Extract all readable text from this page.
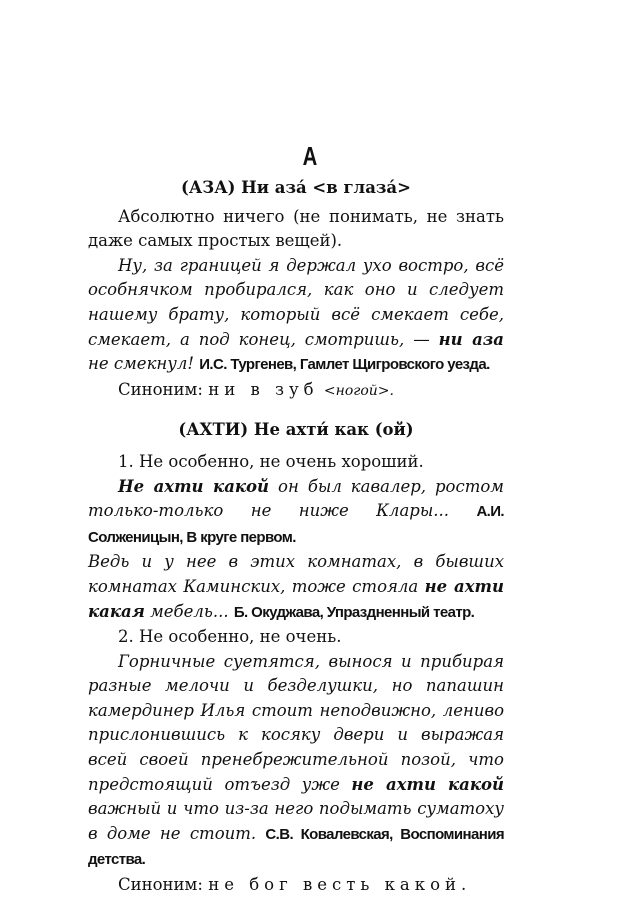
А
(АЗА) Ни аза́ <в глаза́>

Абсолютно ничего (не понимать, не знать даже самых простых вещей).

Ну, за границей я держал ухо востро, всё особнячком пробирался, как оно и следует нашему брату, который всё смекает себе, смекает, а под конец, смотришь, — ни аза не смекнул! И.С. Тургенев, Гамлет Щигровского уезда.

Синоним: ни в зуб <ногой>.

(АХТИ) Не ахти́ как (ой)

1. Не особенно, не очень хороший.

Не ахти какой он был кавалер, ростом только-только не ниже Клары... А.И. Солженицын, В круге первом.

Ведь и у нее в этих комнатах, в бывших комнатах Каминских, тоже стояла не ахти какая мебель... Б. Окуджава, Упраздненный театр.

2. Не особенно, не очень.

Горничные суетятся, вынося и прибирая разные мелочи и безделушки, но папашин камердинер Илья стоит неподвижно, лениво прислонившись к косяку двери и выражая всей своей пренебрежительной позой, что предстоящий отъезд уже не ахти какой важный и что из-за него подымать суматоху в доме не стоит. С.В. Ковалевская, Воспоминания детства.

Синоним: не бог весть какой.
